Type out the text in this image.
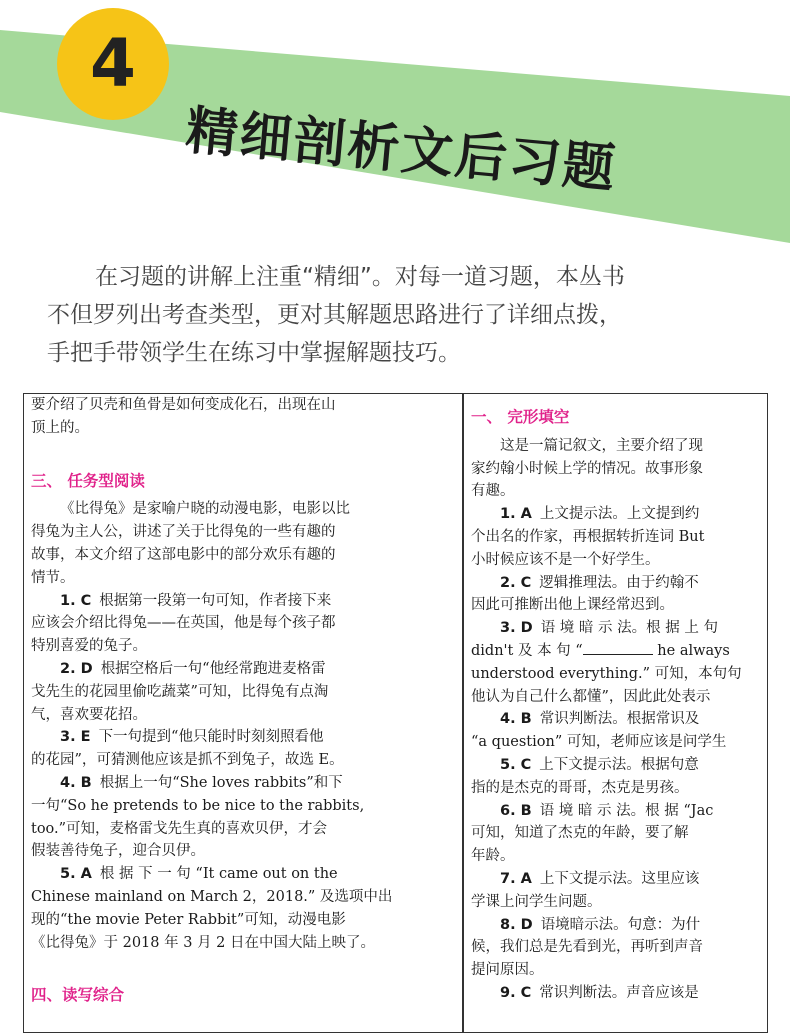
4
精细剖析文后习题

在习题的讲解上注重“精细”。对每一道习题，本丛书

不但罗列出考查类型，更对其解题思路进行了详细点拨，

手把手带领学生在练习中掌握解题技巧。

要介绍了贝壳和鱼骨是如何变成化石，出现在山

顶上的。

三、 任务型阅读

《比得兔》是家喻户晓的动漫电影，电影以比

得兔为主人公，讲述了关于比得兔的一些有趣的

故事，本文介绍了这部电影中的部分欢乐有趣的

情节。

1. C 根据第一段第一句可知，作者接下来

应该会介绍比得兔——在英国，他是每个孩子都

特别喜爱的兔子。

2. D 根据空格后一句“他经常跑进麦格雷

戈先生的花园里偷吃蔬菜”可知，比得兔有点淘

气，喜欢要花招。

3. E 下一句提到“他只能时时刻刻照看他

的花园”，可猜测他应该是抓不到兔子，故选 E。

4. B 根据上一句“She loves rabbits”和下

一句“So he pretends to be nice to the rabbits,

too.”可知，麦格雷戈先生真的喜欢贝伊，才会

假装善待兔子，迎合贝伊。

5. A 根 据 下 一 句 “It came out on the

Chinese mainland on March 2，2018.” 及选项中出

现的“the movie Peter Rabbit”可知，动漫电影

《比得兔》于 2018 年 3 月 2 日在中国大陆上映了。

四、读写综合

一、 完形填空

这是一篇记叙文，主要介绍了现

家约翰小时候上学的情况。故事形象

有趣。

1. A 上文提示法。上文提到约

个出名的作家，再根据转折连词 But

小时候应该不是一个好学生。

2. C 逻辑推理法。由于约翰不

因此可推断出他上课经常迟到。

3. D 语 境 暗 示 法。根 据 上 句

didn't 及 本 句 “	he always

understood everything.” 可知，本句句

他认为自己什么都懂”，因此此处表示

4. B 常识判断法。根据常识及

“a question” 可知，老师应该是问学生

5. C 上下文提示法。根据句意

指的是杰克的哥哥，杰克是男孩。

6. B 语 境 暗 示 法。根 据 “Jac

可知，知道了杰克的年龄，要了解

年龄。

7. A 上下文提示法。这里应该

学课上问学生问题。

8. D 语境暗示法。句意：为什

候，我们总是先看到光，再听到声音

提问原因。

9. C 常识判断法。声音应该是
